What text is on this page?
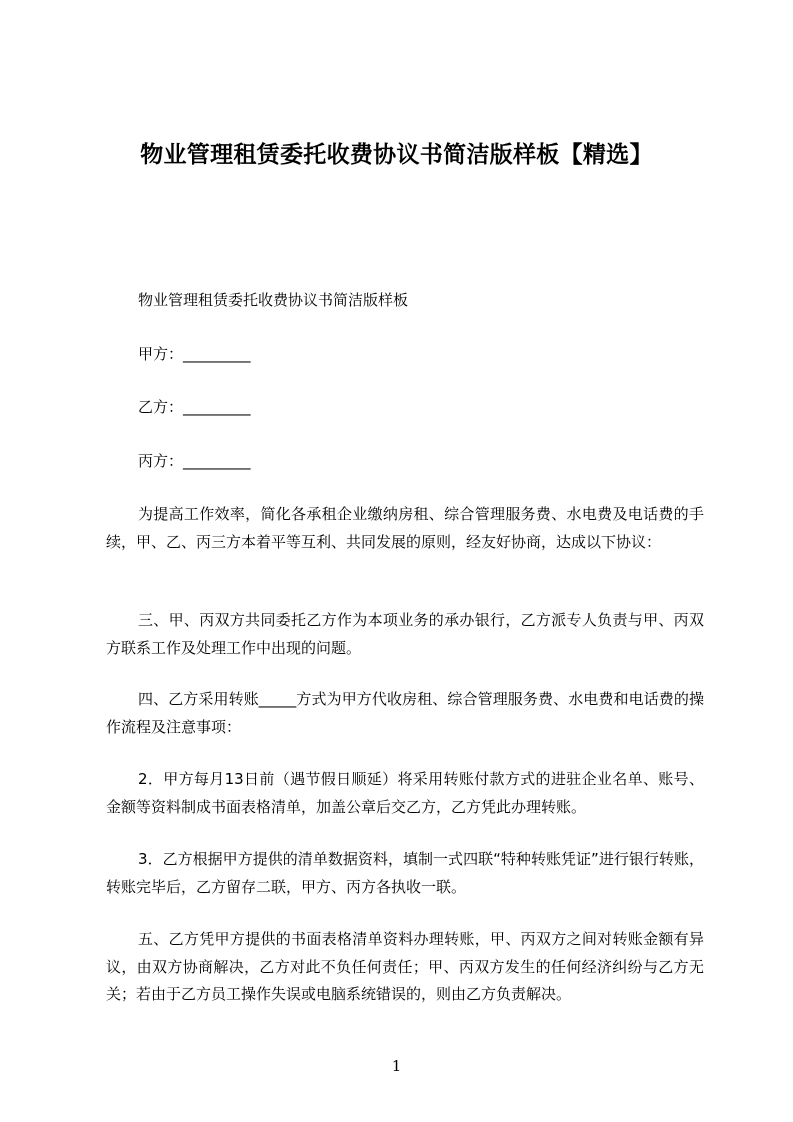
物业管理租赁委托收费协议书简洁版样板【精选】

物业管理租赁委托收费协议书简洁版样板

甲方：_________

乙方：_________

丙方：_________

为提高工作效率，简化各承租企业缴纳房租、综合管理服务费、水电费及电话费的手续，甲、乙、丙三方本着平等互利、共同发展的原则，经友好协商，达成以下协议：

三、甲、丙双方共同委托乙方作为本项业务的承办银行，乙方派专人负责与甲、丙双方联系工作及处理工作中出现的问题。

四、乙方采用转账_____方式为甲方代收房租、综合管理服务费、水电费和电话费的操作流程及注意事项：

2．甲方每月13日前（遇节假日顺延）将采用转账付款方式的进驻企业名单、账号、金额等资料制成书面表格清单，加盖公章后交乙方，乙方凭此办理转账。

3．乙方根据甲方提供的清单数据资料，填制一式四联“特种转账凭证”进行银行转账，转账完毕后，乙方留存二联，甲方、丙方各执收一联。

五、乙方凭甲方提供的书面表格清单资料办理转账，甲、丙双方之间对转账金额有异议，由双方协商解决，乙方对此不负任何责任；甲、丙双方发生的任何经济纠纷与乙方无关；若由于乙方员工操作失误或电脑系统错误的，则由乙方负责解决。

1
